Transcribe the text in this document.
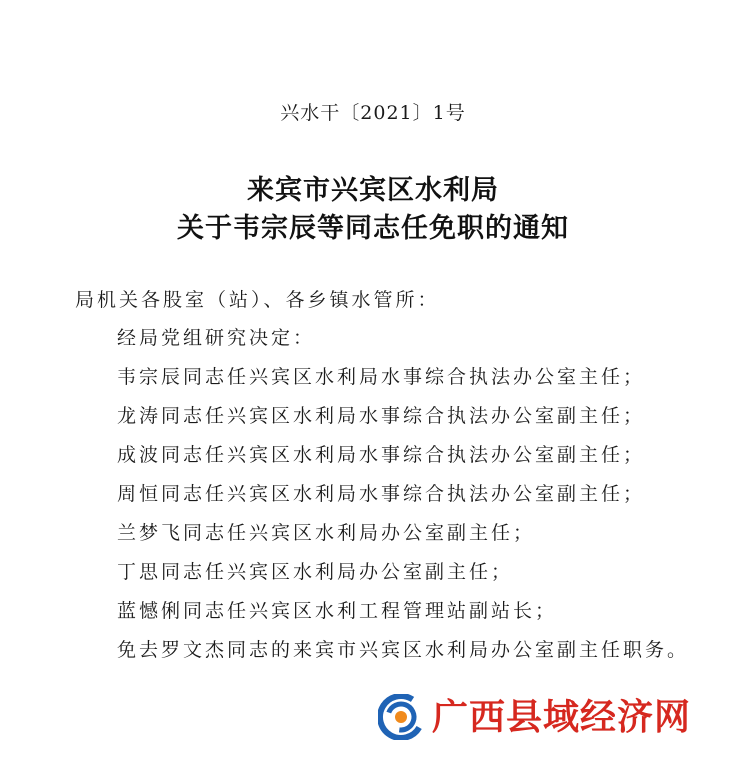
兴水干〔2021〕1号
来宾市兴宾区水利局
关于韦宗辰等同志任免职的通知
局机关各股室（站）、各乡镇水管所：
经局党组研究决定：
韦宗辰同志任兴宾区水利局水事综合执法办公室主任；
龙涛同志任兴宾区水利局水事综合执法办公室副主任；
成波同志任兴宾区水利局水事综合执法办公室副主任；
周恒同志任兴宾区水利局水事综合执法办公室副主任；
兰梦飞同志任兴宾区水利局办公室副主任；
丁思同志任兴宾区水利局办公室副主任；
蓝憾俐同志任兴宾区水利工程管理站副站长；
免去罗文杰同志的来宾市兴宾区水利局办公室副主任职务。
广西县域经济网
